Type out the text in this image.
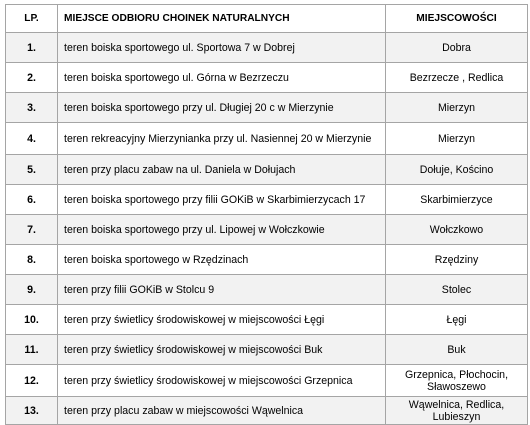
LP.	MIEJSCE ODBIORU CHOINEK NATURALNYCH	MIEJSCOWOŚCI
1.	teren boiska sportowego ul. Sportowa 7 w Dobrej	Dobra
2.	teren boiska sportowego ul. Górna w Bezrzeczu	Bezrzecze , Redlica
3.	teren boiska sportowego przy ul. Długiej 20 c w Mierzynie	Mierzyn
4.	teren rekreacyjny Mierzynianka przy ul. Nasiennej 20 w Mierzynie	Mierzyn
5.	teren przy placu zabaw na ul. Daniela w Dołujach	Dołuje, Kościno
6.	teren boiska sportowego przy filii GOKiB w Skarbimierzycach 17	Skarbimierzyce
7.	teren boiska sportowego przy ul. Lipowej w Wołczkowie	Wołczkowo
8.	teren boiska sportowego w Rzędzinach	Rzędziny
9.	teren przy filii GOKiB w Stolcu 9	Stolec
10.	teren przy świetlicy środowiskowej w miejscowości Łęgi	Łęgi
11.	teren przy świetlicy środowiskowej w miejscowości Buk	Buk
12.	teren przy świetlicy środowiskowej w miejscowości Grzepnica	Grzepnica, Płochocin, Sławoszewo
13.	teren przy placu zabaw w miejscowości Wąwelnica	Wąwelnica, Redlica, Lubieszyn
